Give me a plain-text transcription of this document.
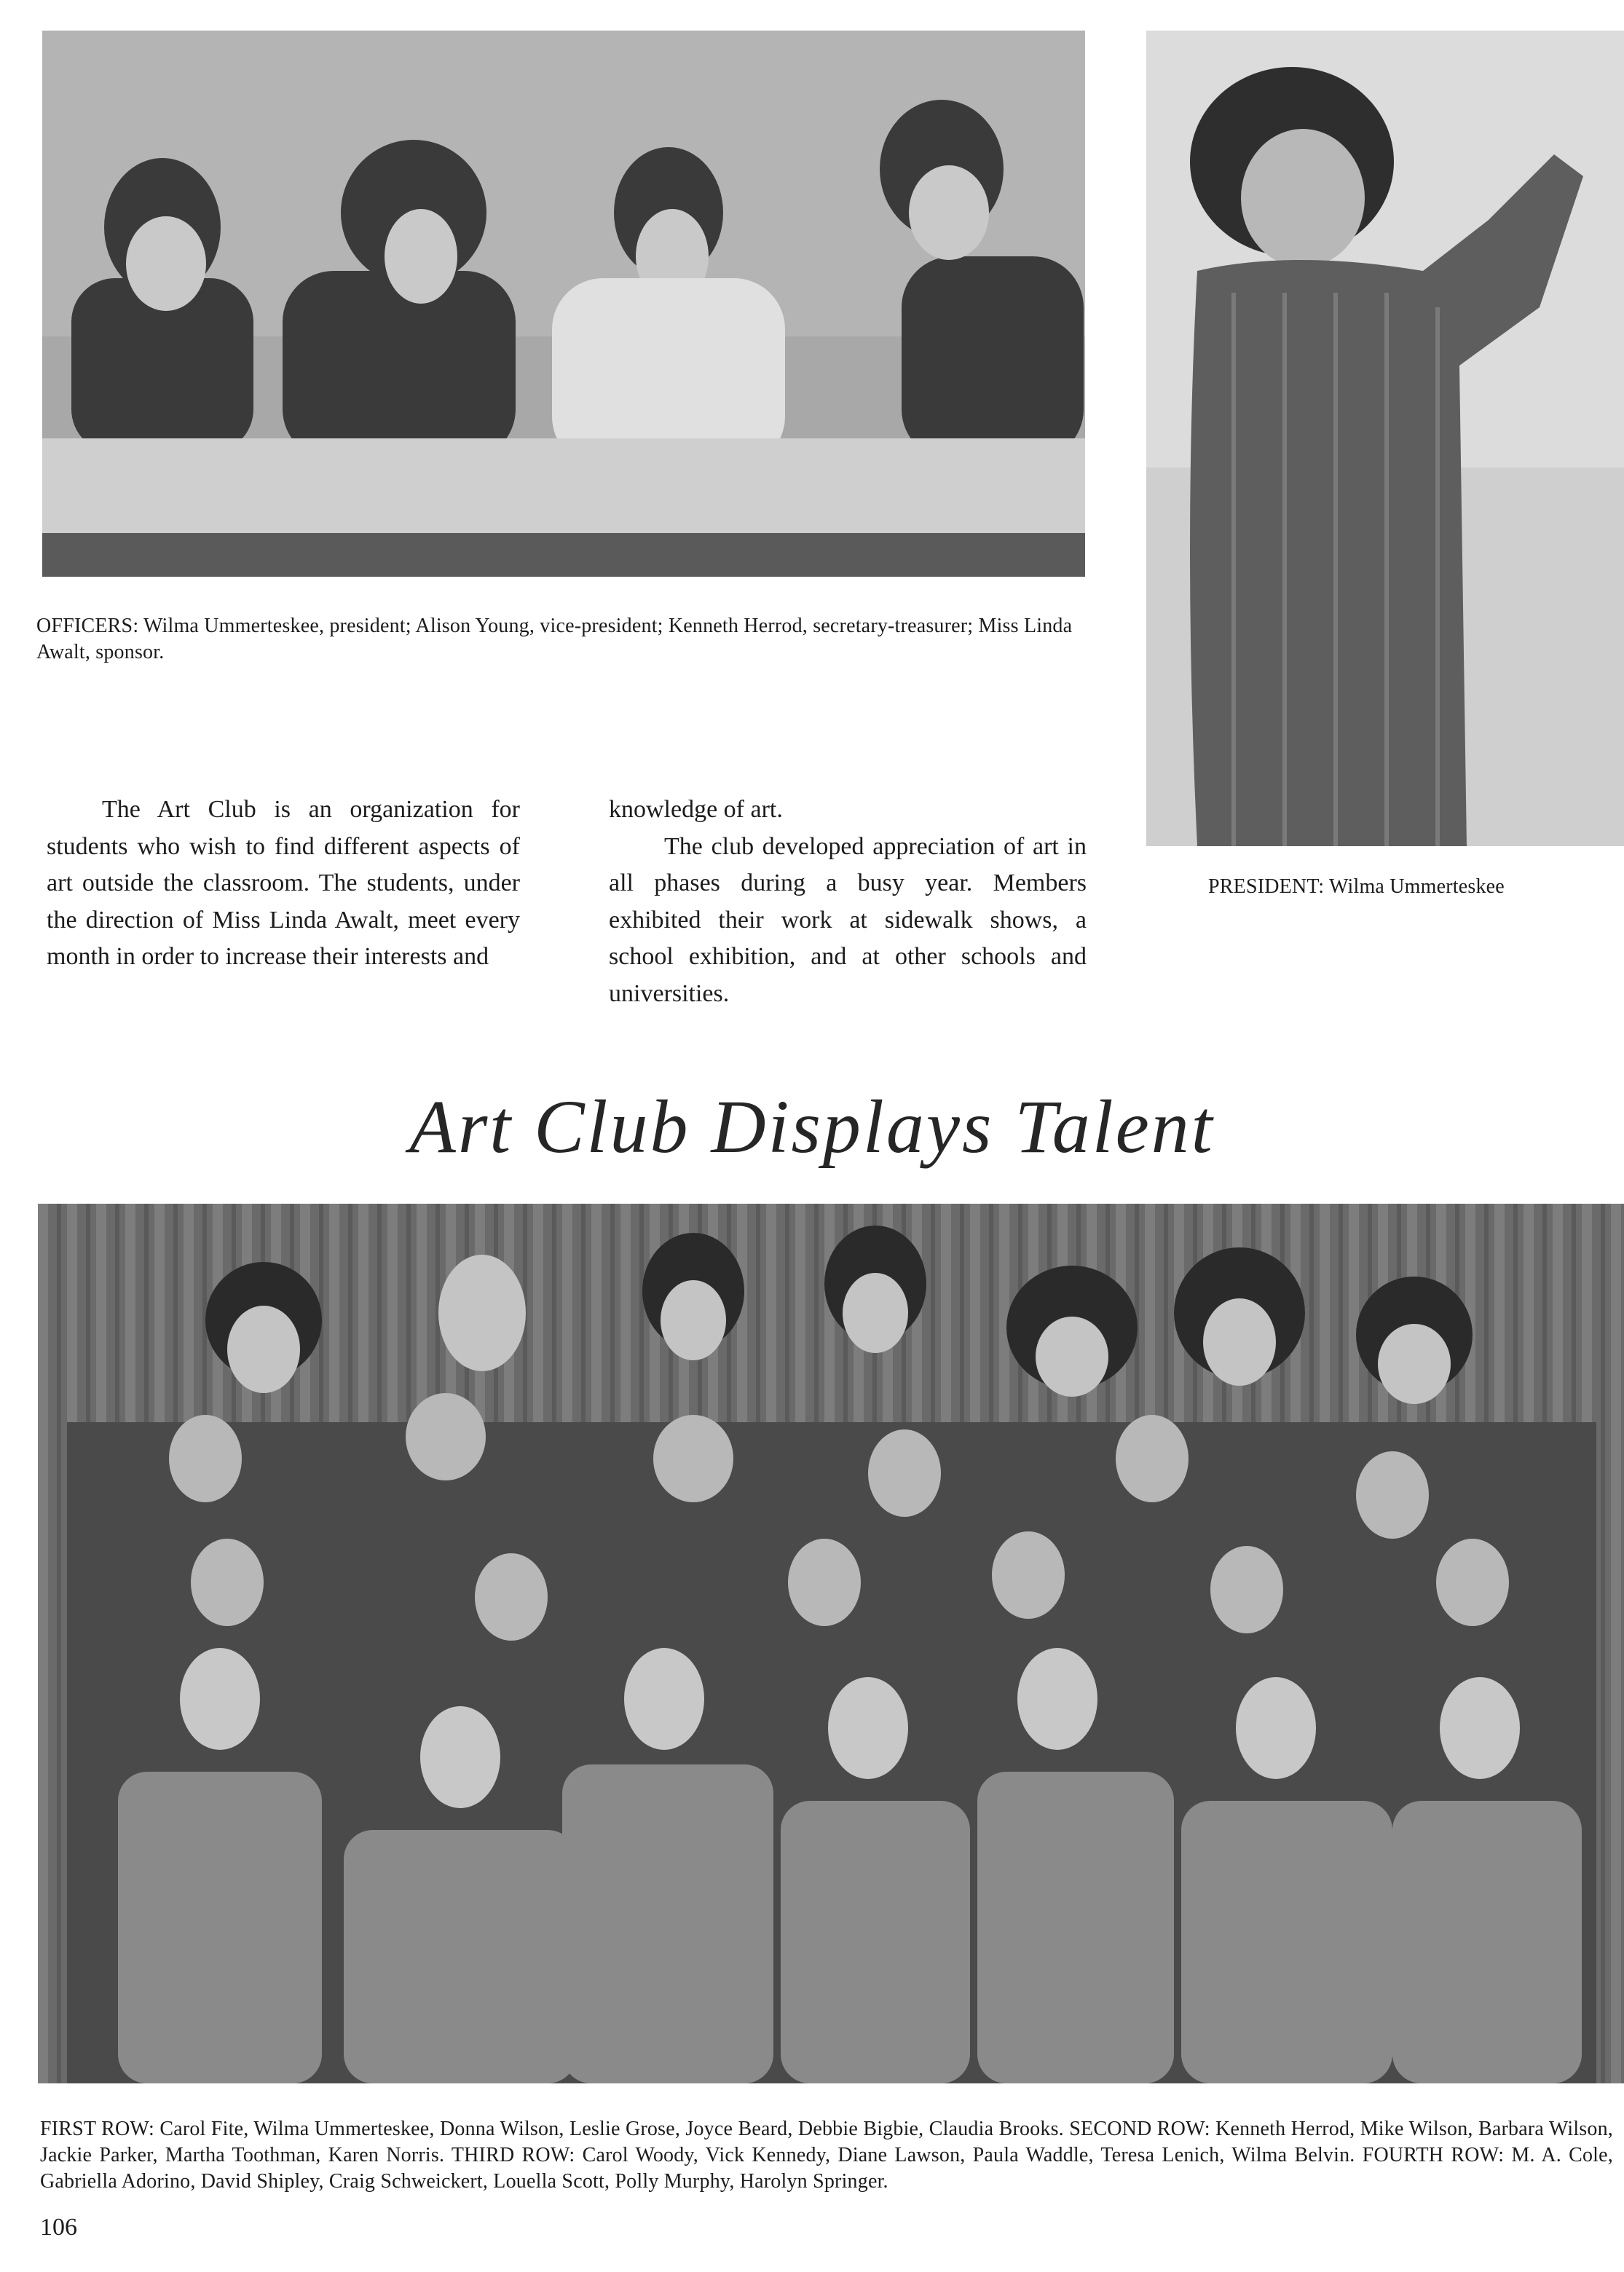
OFFICERS: Wilma Ummerteskee, president; Alison Young, vice-president; Kenneth Herrod, secretary-treasurer; Miss Linda Awalt, sponsor.
PRESIDENT: Wilma Ummerteskee

The Art Club is an organization for students who wish to find different aspects of art outside the classroom. The students, under the direction of Miss Linda Awalt, meet every month in order to increase their interests and

knowledge of art.

The club developed appreciation of art in all phases during a busy year. Members exhibited their work at sidewalk shows, a school exhibition, and at other schools and universities.

Art Club Displays Talent
FIRST ROW: Carol Fite, Wilma Ummerteskee, Donna Wilson, Leslie Grose, Joyce Beard, Debbie Bigbie, Claudia Brooks. SECOND ROW: Kenneth Herrod, Mike Wilson, Barbara Wilson, Jackie Parker, Martha Toothman, Karen Norris. THIRD ROW: Carol Woody, Vick Kennedy, Diane Lawson, Paula Waddle, Teresa Lenich, Wilma Belvin. FOURTH ROW: M. A. Cole, Gabriella Adorino, David Shipley, Craig Schweickert, Louella Scott, Polly Murphy, Harolyn Springer.
106
